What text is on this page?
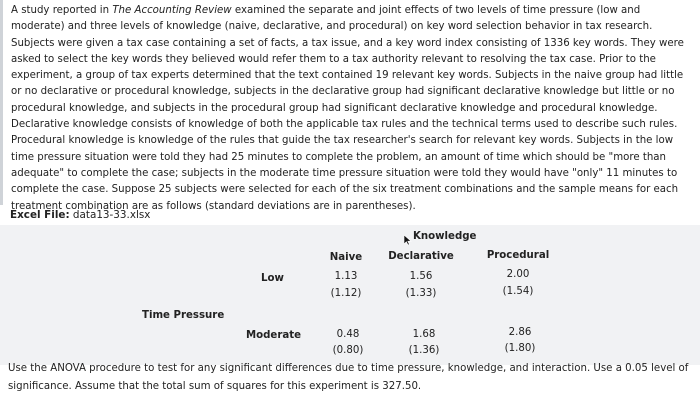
A study reported in The Accounting Review examined the separate and joint effects of two levels of time pressure (low and moderate) and three levels of knowledge (naive, declarative, and procedural) on key word selection behavior in tax research. Subjects were given a tax case containing a set of facts, a tax issue, and a key word index consisting of 1336 key words. They were asked to select the key words they believed would refer them to a tax authority relevant to resolving the tax case. Prior to the experiment, a group of tax experts determined that the text contained 19 relevant key words. Subjects in the naive group had little or no declarative or procedural knowledge, subjects in the declarative group had significant declarative knowledge but little or no procedural knowledge, and subjects in the procedural group had significant declarative knowledge and procedural knowledge. Declarative knowledge consists of knowledge of both the applicable tax rules and the technical terms used to describe such rules. Procedural knowledge is knowledge of the rules that guide the tax researcher's search for relevant key words. Subjects in the low time pressure situation were told they had 25 minutes to complete the problem, an amount of time which should be "more than adequate" to complete the case; subjects in the moderate time pressure situation were told they would have "only" 11 minutes to complete the case. Suppose 25 subjects were selected for each of the six treatment combinations and the sample means for each treatment combination are as follows (standard deviations are in parentheses).

Excel File: data13-33.xlsx
Knowledge
Naive	Declarative	Procedural
Low	1.13	1.56	2.00
(1.12)	(1.33)	(1.54)
Time Pressure
Moderate	0.48	1.68	2.86
(0.80)	(1.36)	(1.80)

Use the ANOVA procedure to test for any significant differences due to time pressure, knowledge, and interaction. Use a 0.05 level of significance. Assume that the total sum of squares for this experiment is 327.50.
